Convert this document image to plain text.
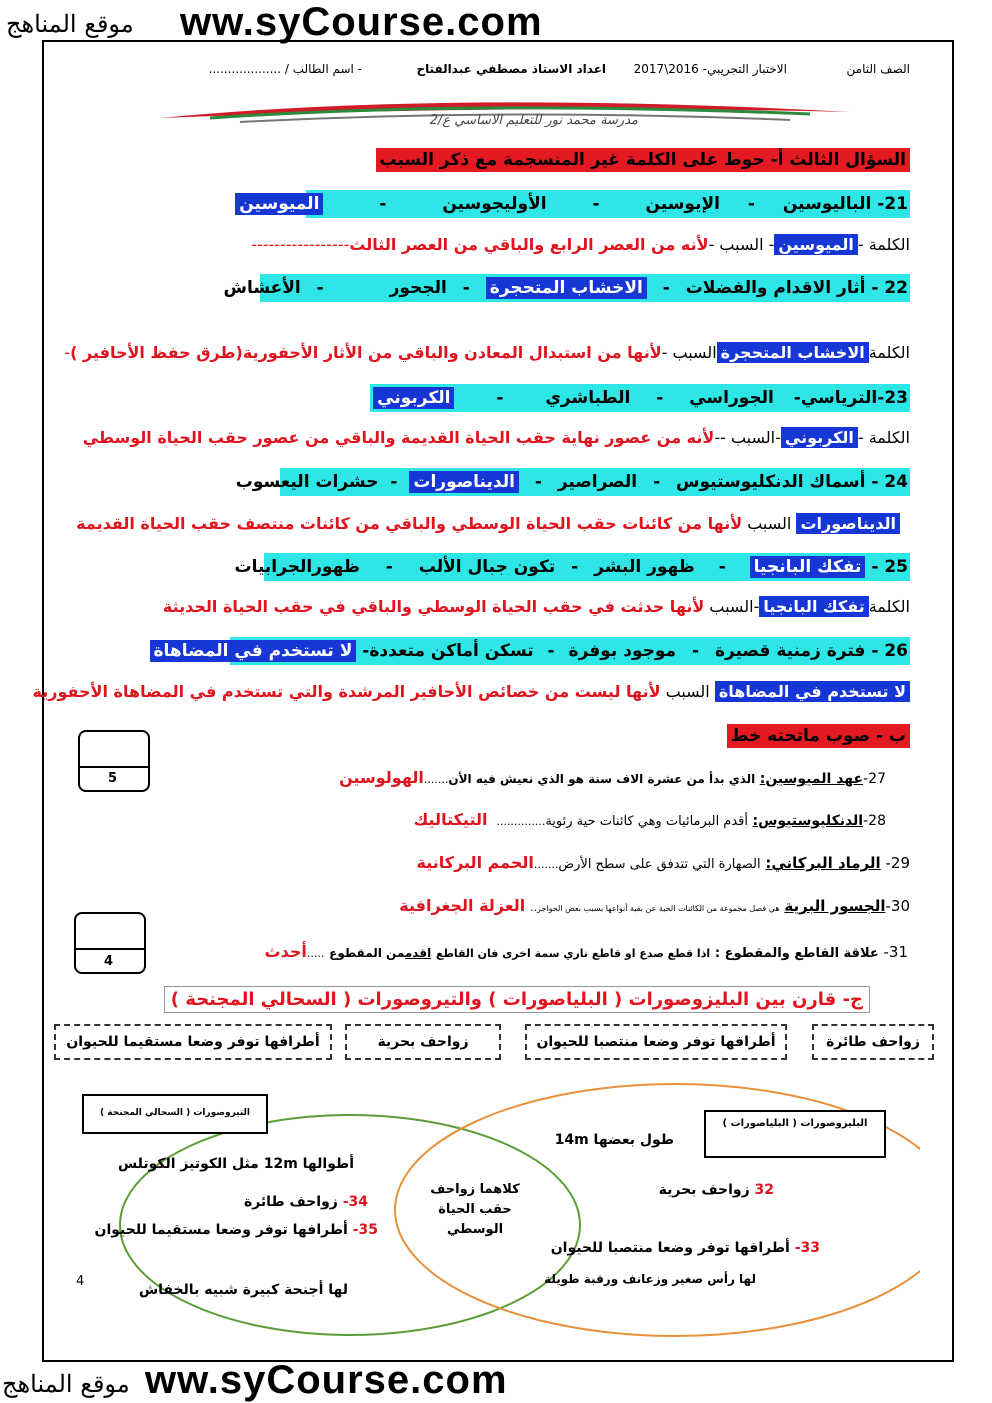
ww.syCourse.com
موقع المناهج
الصف الثامن
الاختبار التجريبي- 2016\2017
اعداد الاستاذ مصطفي عبدالفتاح
- اسم الطالب / ...................
مدرسة محمد نور للتعليم الاساسي ع/2
السؤال الثالث أ- حوط على الكلمة غير المنسجمة مع ذكر السبب
21- الباليوسين - الإيوسين - الأوليجوسين - الميوسين
الكلمة -الميوسين- السبب -لأنه من العصر الرابع والباقي من العصر الثالث-----------------
22 - أثار الاقدام والفضلات - الاخشاب المتحجرة - الجحور - الأعشاش
الكلمةالاخشاب المتحجرةالسبب -لأنها من استبدال المعادن والباقي من الأثار الأحفورية(طرق حفظ الأحافير )-
23-الترياسي- الجوراسي - الطباشري - الكربوني
الكلمة -الكربوني-السبب --لأنه من عصور نهاية حقب الحياة القديمة والباقي من عصور حقب الحياة الوسطي
24 - أسماك الدنكليوستيوس - الصراصير - الديناصورات - حشرات اليعسوب
الديناصورات السبب لأنها من كائنات حقب الحياة الوسطي والباقي من كائنات منتصف حقب الحياة القديمة
25 - تفكك البانجيا - ظهور البشر - تكون جبال الألب - ظهورالجرابيات
الكلمةتفكك البانجيا-السبب لأنها حدثت في حقب الحياة الوسطي والباقي في حقب الحياة الحديثة
26 - فترة زمنية قصيرة - موجود بوفرة - تسكن أماكن متعددة- لا تستخدم في المضاهاة
لا تستخدم في المضاهاة السبب لأنها ليست من خصائص الأحافير المرشدة والتي تستخدم في المضاهاة الأحفورية
ب - صوب ماتحته خط
5	27-عهد الميوسين: الذي بدأ من عشرة الاف سنة هو الذي نعيش فيه الأن.......الهولوسين
28-الدنكليوستيوس: أقدم البرمائيات وهي كائنات حية رئوية..............  التيكتاليك
29- الرماد البركاني: الصهارة التي تتدفق على سطح الأرض.......الحمم البركانية
30-الجسور البرية هي فصل مجموعة من الكائنات الحية عن بقية أنواعها بسبب بعض الحواجز.. العزلة الجغرافية
4
31- علاقة القاطع والمقطوع : اذا قطع صدع او قاطع ناري سمة اخرى فان القاطع اقدممن المقطوع .....أحدث
ج- قارن بين البليزوصورات ( البلياصورات ) والتيروصورات ( السحالي المجنحة )
زواحف طائرة
أطرافها توفر وضعا منتصبا للحيوان
زواحف بحرية
أطرافها توفر وضعا مستقيما للحيوان
التيروصورات ( السحالي المجنحة )
البليزوصورات ( البلياصورات )
أطوالها 12m مثل الكوتيز الكوتلس
34- زواحف طائرة
35- أطرافها توفر وضعا مستقيما للحيوان
لها أجنحة كبيرة شبيه بالخفاش
كلاهما زواحف
حقب الحياة
الوسطي
طول بعضها 14m
32 زواحف بحرية
33- أطرافها توفر وضعا منتصبا للحيوان
لها رأس صغير وزعانف ورقبة طويلة
4
ww.syCourse.com
موقع المناهج
